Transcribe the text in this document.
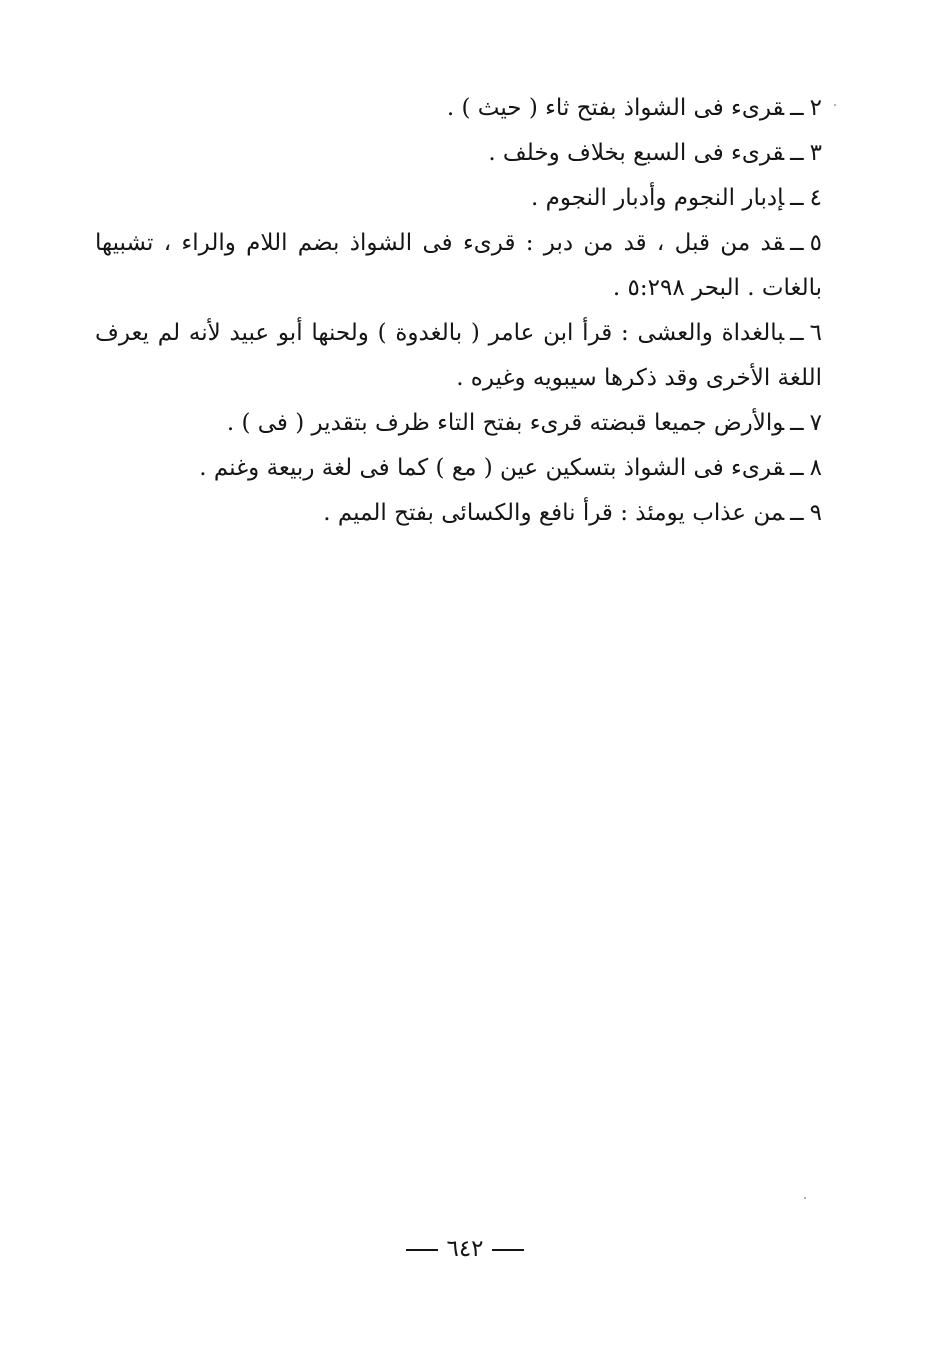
٢ــقرىء فى الشواذ بفتح ثاء ( حيث ) .

٣ــقرىء فى السبع بخلاف وخلف .

٤ــإدبار النجوم وأدبار النجوم .

٥ــقد من قبل ، قد من دبر : قرىء فى الشواذ بضم اللام والراء ، تشبيها بالغات . البحر ٥:٢٩٨ .

٦ــبالغداة والعشى : قرأ ابن عامر ( بالغدوة ) ولحنها أبو عبيد لأنه لم يعرف اللغة الأخرى وقد ذكرها سيبويه وغيره .

٧ــوالأرض جميعا قبضته قرىء بفتح التاء ظرف بتقدير ( فى ) .

٨ــقرىء فى الشواذ بتسكين عين ( مع ) كما فى لغة ربيعة وغنم .

٩ــمن عذاب يومئذ : قرأ نافع والكسائى بفتح الميم .

٦٤٢
